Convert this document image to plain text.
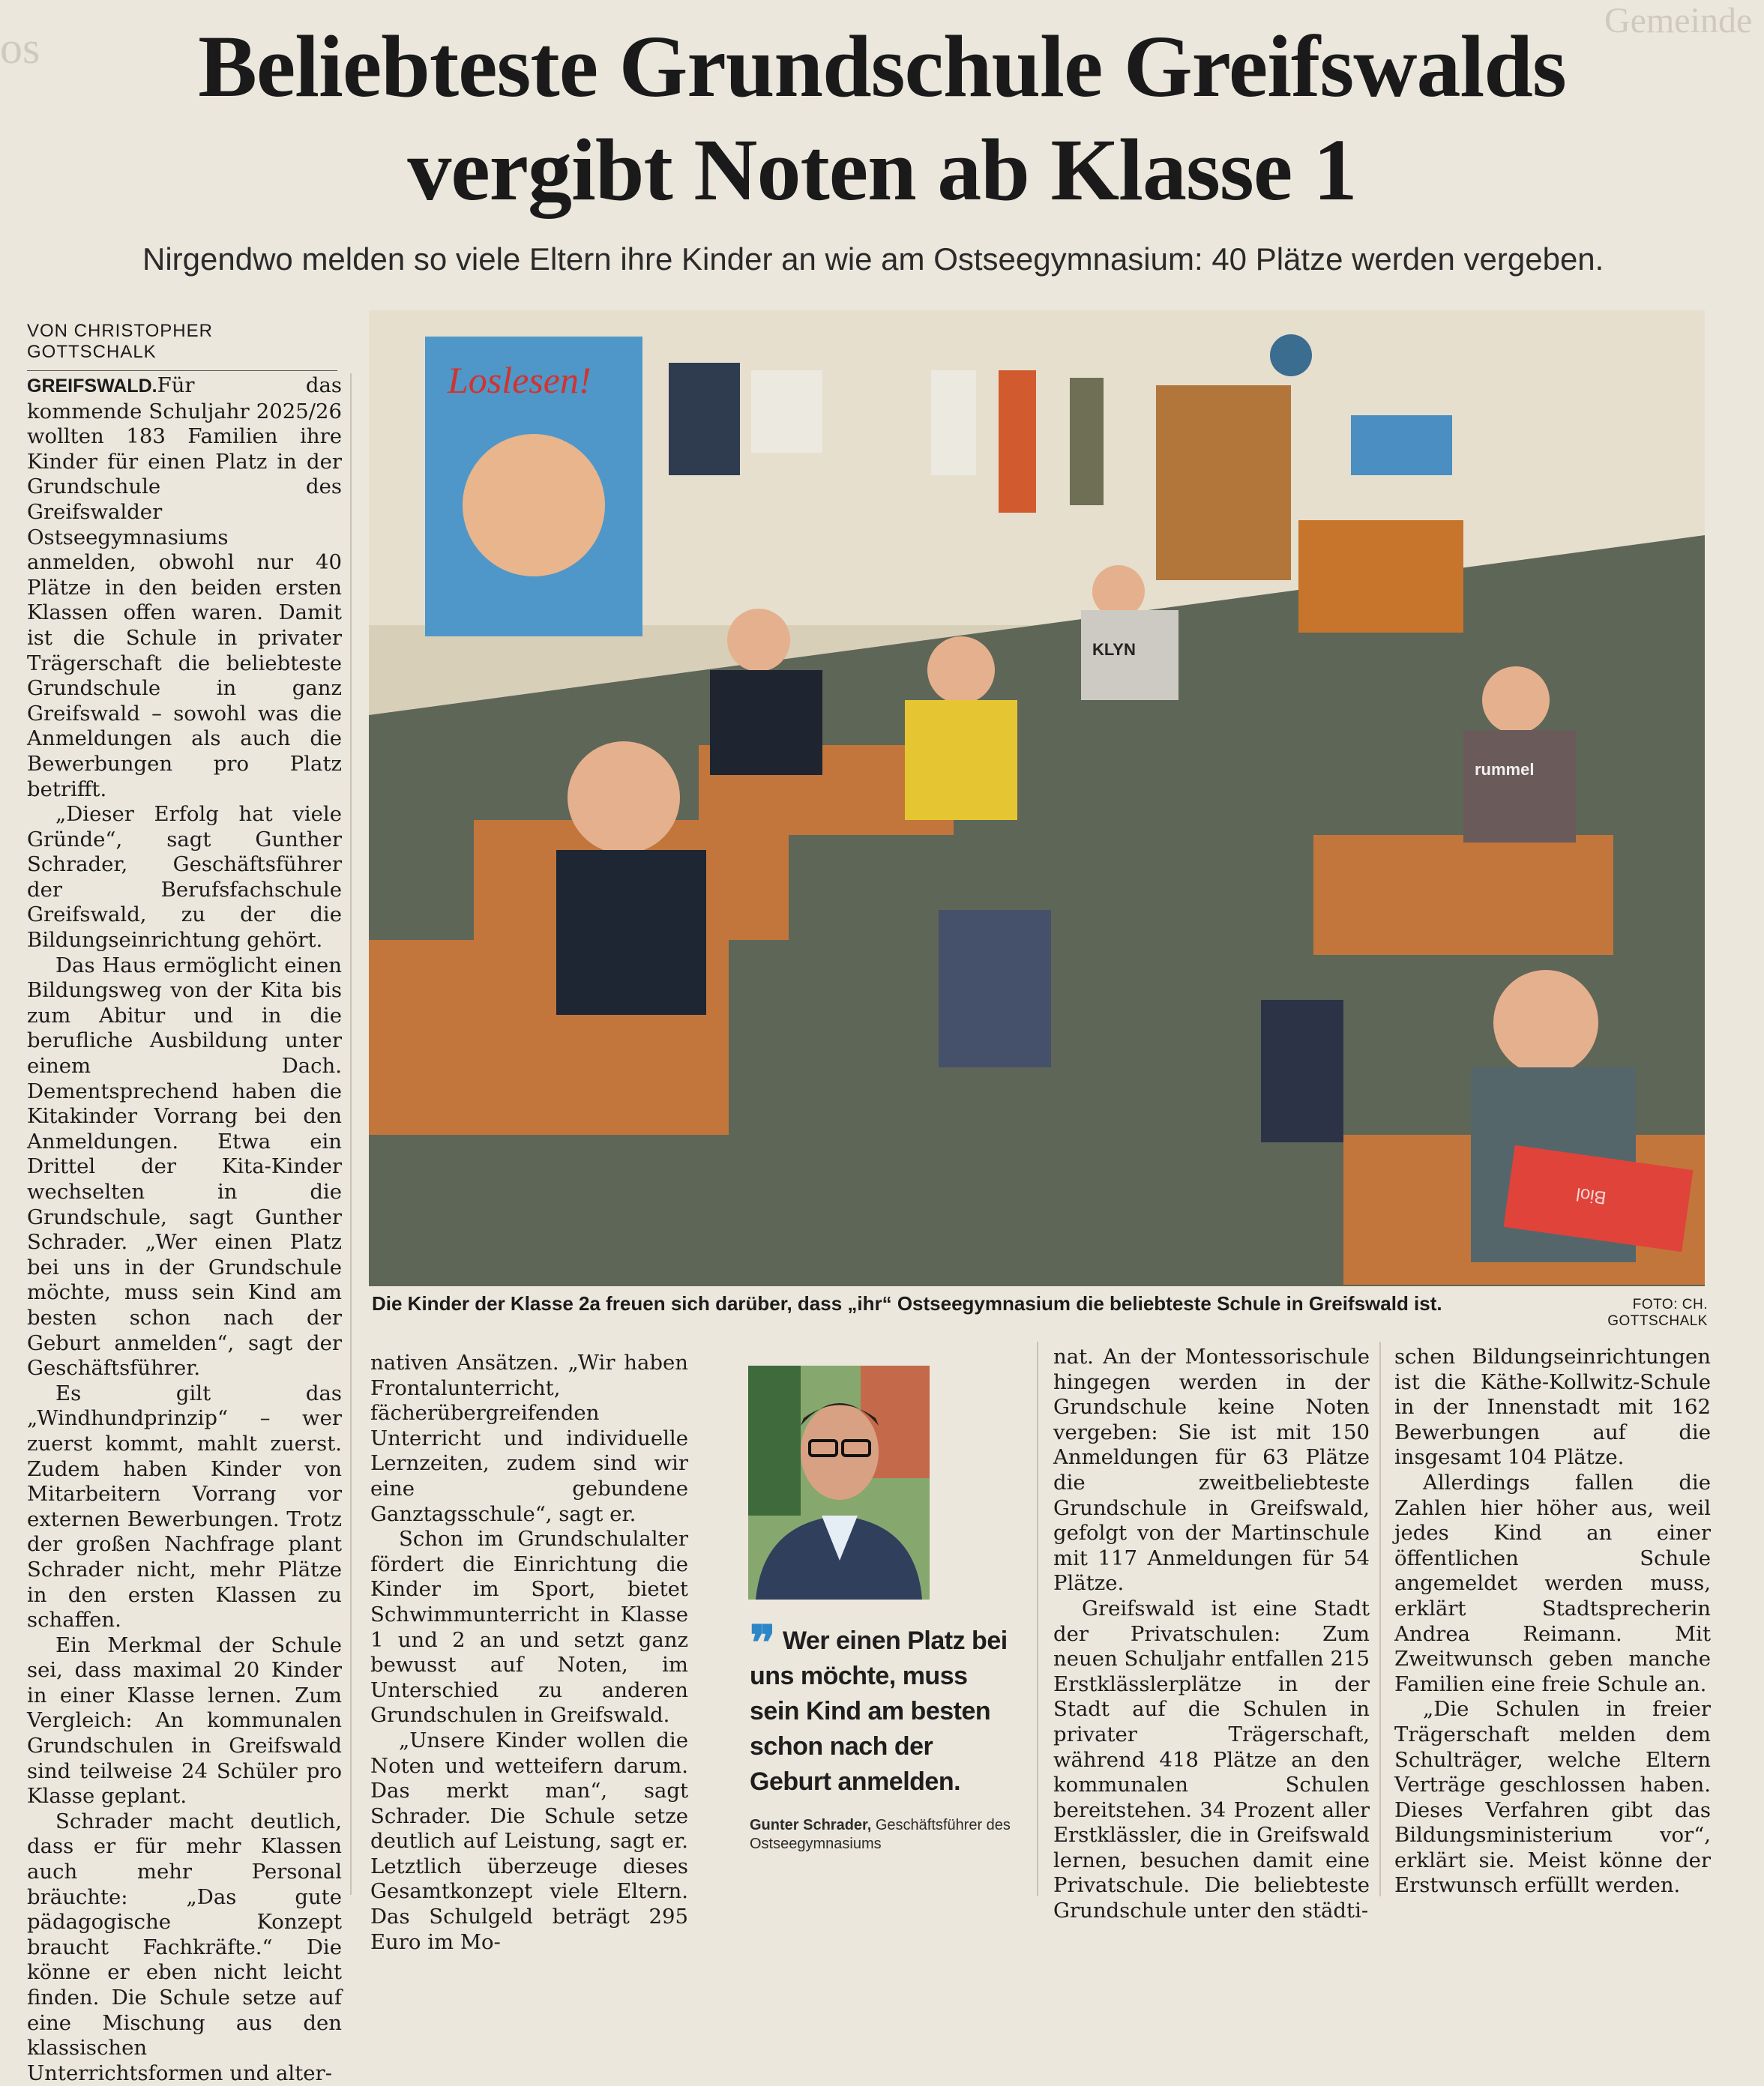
os
Gemeinde
Beliebteste Grundschule Greifswalds
vergibt Noten ab Klasse 1
Nirgendwo melden so viele Eltern ihre Kinder an wie am Ostseegymnasium: 40 Plätze werden vergeben.
VON CHRISTOPHER GOTTSCHALK

GREIFSWALD.Für das kommende Schuljahr 2025/26 wollten 183 Familien ihre Kinder für einen Platz in der Grundschule des Greifswalder Ostseegymnasiums anmelden, obwohl nur 40 Plätze in den beiden ersten Klassen offen waren. Damit ist die Schule in privater Trägerschaft die beliebteste Grundschule in ganz Greifswald – sowohl was die Anmeldungen als auch die Bewerbungen pro Platz betrifft.

„Dieser Erfolg hat viele Gründe“, sagt Gunther Schrader, Geschäftsführer der Berufsfachschule Greifswald, zu der die Bildungseinrichtung gehört.

Das Haus ermöglicht einen Bildungsweg von der Kita bis zum Abitur und in die berufliche Ausbildung unter einem Dach. Dementsprechend haben die Kitakinder Vorrang bei den Anmeldungen. Etwa ein Drittel der Kita-Kinder wechselten in die Grundschule, sagt Gunther Schrader. „Wer einen Platz bei uns in der Grundschule möchte, muss sein Kind am besten schon nach der Geburt anmelden“, sagt der Geschäftsführer.

Es gilt das „Windhundprinzip“ – wer zuerst kommt, mahlt zuerst. Zudem haben Kinder von Mitarbeitern Vorrang vor externen Bewerbungen. Trotz der großen Nachfrage plant Schrader nicht, mehr Plätze in den ersten Klassen zu schaffen.

Ein Merkmal der Schule sei, dass maximal 20 Kinder in einer Klasse lernen. Zum Vergleich: An kommunalen Grundschulen in Greifswald sind teilweise 24 Schüler pro Klasse geplant.

Schrader macht deutlich, dass er für mehr Klassen auch mehr Personal bräuchte: „Das gute pädagogische Konzept braucht Fachkräfte.“ Die könne er eben nicht leicht finden. Die Schule setze auf eine Mischung aus den klassischen Unterrichtsformen und alter-

Loslesen!
KLYN
rummel
Biol
Die Kinder der Klasse 2a freuen sich darüber, dass „ihr“ Ostseegymnasium die beliebteste Schule in Greifswald ist.	FOTO: CH. GOTTSCHALK

nativen Ansätzen. „Wir haben Frontalunterricht, fächerübergreifenden Unterricht und individuelle Lernzeiten, zudem sind wir eine gebundene Ganztagsschule“, sagt er.

Schon im Grundschulalter fördert die Einrichtung die Kinder im Sport, bietet Schwimmunterricht in Klasse 1 und 2 an und setzt ganz bewusst auf Noten, im Unterschied zu anderen Grundschulen in Greifswald.

„Unsere Kinder wollen die Noten und wetteifern darum. Das merkt man“, sagt Schrader. Die Schule setze deutlich auf Leistung, sagt er. Letztlich überzeuge dieses Gesamtkonzept viele Eltern. Das Schulgeld beträgt 295 Euro im Mo-

❞ Wer einen Platz bei uns möchte, muss sein Kind am besten schon nach der Geburt anmelden.
Gunter Schrader, Geschäftsführer des Ostseegymnasiums

nat. An der Montessorischule hingegen werden in der Grundschule keine Noten vergeben: Sie ist mit 150 Anmeldungen für 63 Plätze die zweitbeliebteste Grundschule in Greifswald, gefolgt von der Martinschule mit 117 Anmeldungen für 54 Plätze.

Greifswald ist eine Stadt der Privatschulen: Zum neuen Schuljahr entfallen 215 Erstklässlerplätze in der Stadt auf die Schulen in privater Trägerschaft, während 418 Plätze an den kommunalen Schulen bereitstehen. 34 Prozent aller Erstklässler, die in Greifswald lernen, besuchen damit eine Privatschule. Die beliebteste Grundschule unter den städti-

schen Bildungseinrichtungen ist die Käthe-Kollwitz-Schule in der Innenstadt mit 162 Bewerbungen auf die insgesamt 104 Plätze.

Allerdings fallen die Zahlen hier höher aus, weil jedes Kind an einer öffentlichen Schule angemeldet werden muss, erklärt Stadtsprecherin Andrea Reimann. Mit Zweitwunsch geben manche Familien eine freie Schule an.

„Die Schulen in freier Trägerschaft melden dem Schulträger, welche Eltern Verträge geschlossen haben. Dieses Verfahren gibt das Bildungsministerium vor“, erklärt sie. Meist könne der Erstwunsch erfüllt werden.
